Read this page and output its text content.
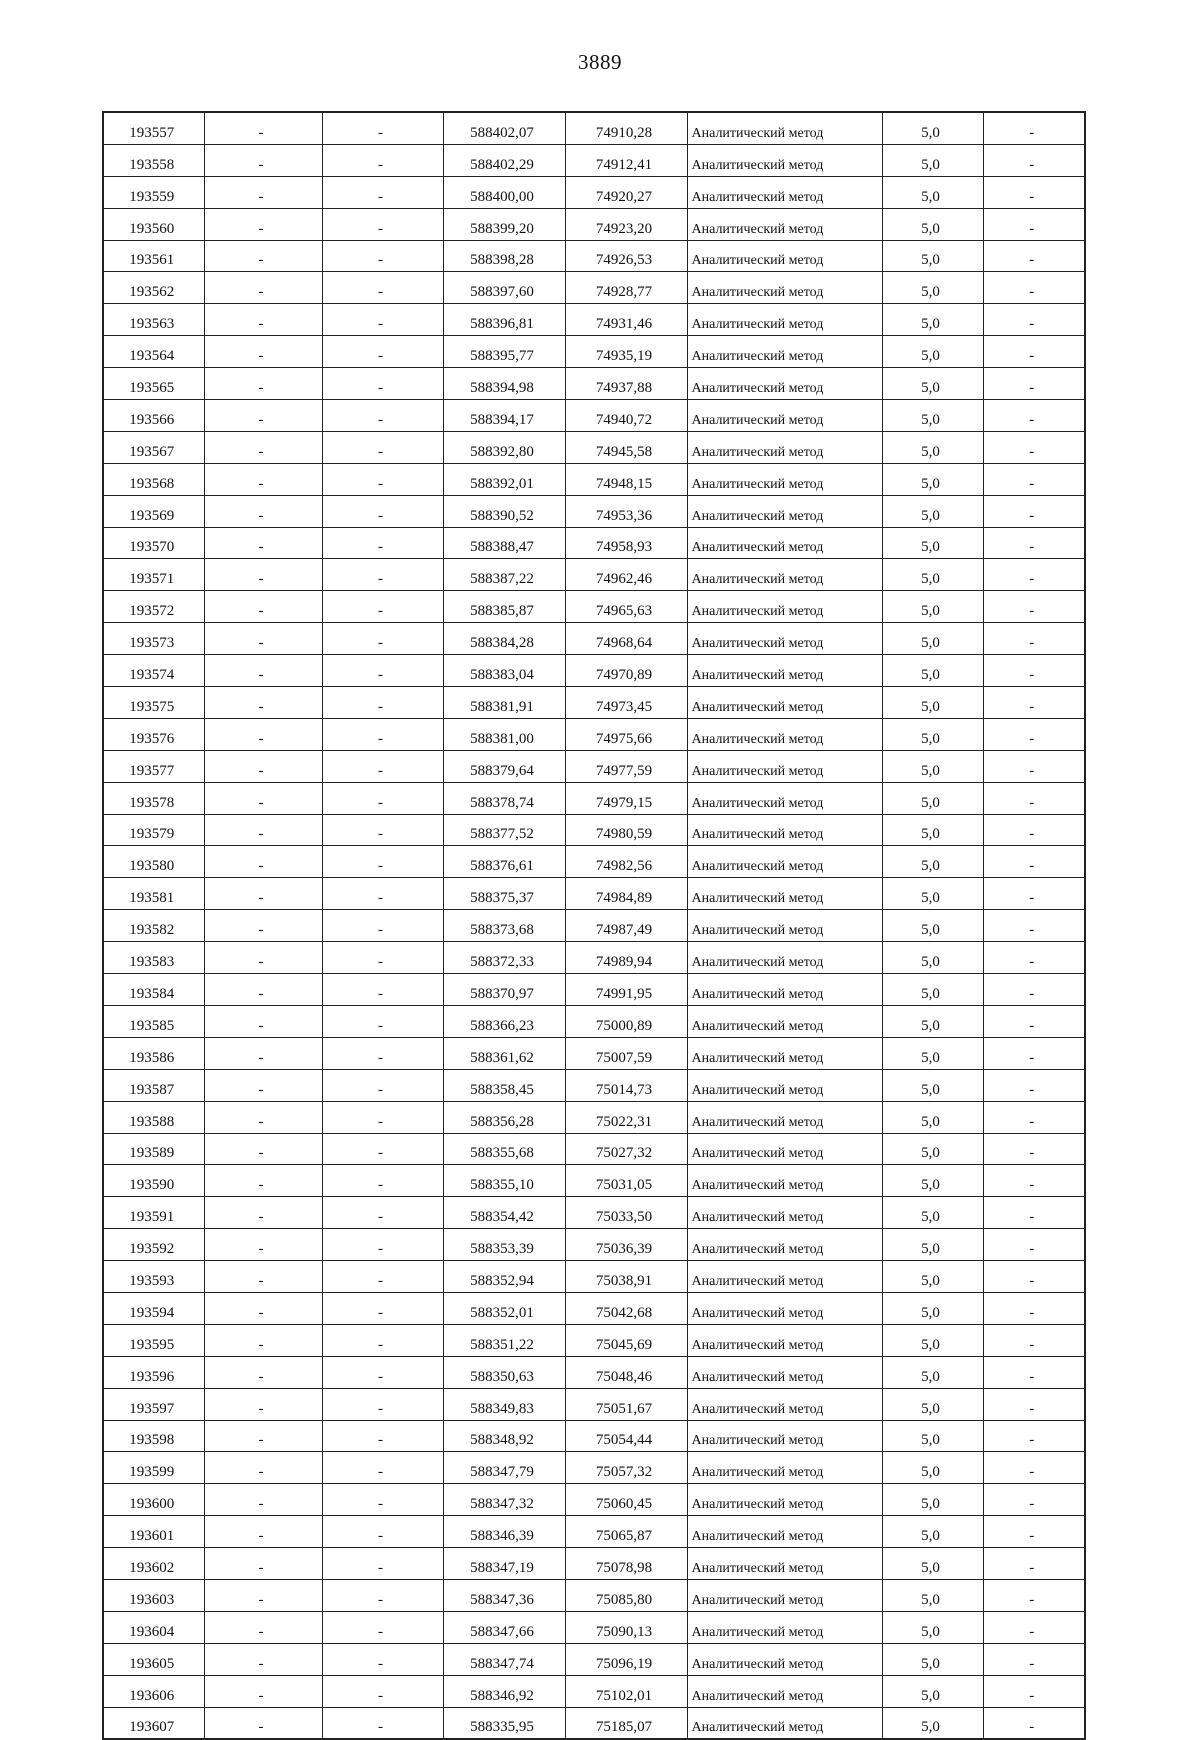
3889
193557	-	-	588402,07	74910,28	Аналитический метод	5,0	-
193558	-	-	588402,29	74912,41	Аналитический метод	5,0	-
193559	-	-	588400,00	74920,27	Аналитический метод	5,0	-
193560	-	-	588399,20	74923,20	Аналитический метод	5,0	-
193561	-	-	588398,28	74926,53	Аналитический метод	5,0	-
193562	-	-	588397,60	74928,77	Аналитический метод	5,0	-
193563	-	-	588396,81	74931,46	Аналитический метод	5,0	-
193564	-	-	588395,77	74935,19	Аналитический метод	5,0	-
193565	-	-	588394,98	74937,88	Аналитический метод	5,0	-
193566	-	-	588394,17	74940,72	Аналитический метод	5,0	-
193567	-	-	588392,80	74945,58	Аналитический метод	5,0	-
193568	-	-	588392,01	74948,15	Аналитический метод	5,0	-
193569	-	-	588390,52	74953,36	Аналитический метод	5,0	-
193570	-	-	588388,47	74958,93	Аналитический метод	5,0	-
193571	-	-	588387,22	74962,46	Аналитический метод	5,0	-
193572	-	-	588385,87	74965,63	Аналитический метод	5,0	-
193573	-	-	588384,28	74968,64	Аналитический метод	5,0	-
193574	-	-	588383,04	74970,89	Аналитический метод	5,0	-
193575	-	-	588381,91	74973,45	Аналитический метод	5,0	-
193576	-	-	588381,00	74975,66	Аналитический метод	5,0	-
193577	-	-	588379,64	74977,59	Аналитический метод	5,0	-
193578	-	-	588378,74	74979,15	Аналитический метод	5,0	-
193579	-	-	588377,52	74980,59	Аналитический метод	5,0	-
193580	-	-	588376,61	74982,56	Аналитический метод	5,0	-
193581	-	-	588375,37	74984,89	Аналитический метод	5,0	-
193582	-	-	588373,68	74987,49	Аналитический метод	5,0	-
193583	-	-	588372,33	74989,94	Аналитический метод	5,0	-
193584	-	-	588370,97	74991,95	Аналитический метод	5,0	-
193585	-	-	588366,23	75000,89	Аналитический метод	5,0	-
193586	-	-	588361,62	75007,59	Аналитический метод	5,0	-
193587	-	-	588358,45	75014,73	Аналитический метод	5,0	-
193588	-	-	588356,28	75022,31	Аналитический метод	5,0	-
193589	-	-	588355,68	75027,32	Аналитический метод	5,0	-
193590	-	-	588355,10	75031,05	Аналитический метод	5,0	-
193591	-	-	588354,42	75033,50	Аналитический метод	5,0	-
193592	-	-	588353,39	75036,39	Аналитический метод	5,0	-
193593	-	-	588352,94	75038,91	Аналитический метод	5,0	-
193594	-	-	588352,01	75042,68	Аналитический метод	5,0	-
193595	-	-	588351,22	75045,69	Аналитический метод	5,0	-
193596	-	-	588350,63	75048,46	Аналитический метод	5,0	-
193597	-	-	588349,83	75051,67	Аналитический метод	5,0	-
193598	-	-	588348,92	75054,44	Аналитический метод	5,0	-
193599	-	-	588347,79	75057,32	Аналитический метод	5,0	-
193600	-	-	588347,32	75060,45	Аналитический метод	5,0	-
193601	-	-	588346,39	75065,87	Аналитический метод	5,0	-
193602	-	-	588347,19	75078,98	Аналитический метод	5,0	-
193603	-	-	588347,36	75085,80	Аналитический метод	5,0	-
193604	-	-	588347,66	75090,13	Аналитический метод	5,0	-
193605	-	-	588347,74	75096,19	Аналитический метод	5,0	-
193606	-	-	588346,92	75102,01	Аналитический метод	5,0	-
193607	-	-	588335,95	75185,07	Аналитический метод	5,0	-
